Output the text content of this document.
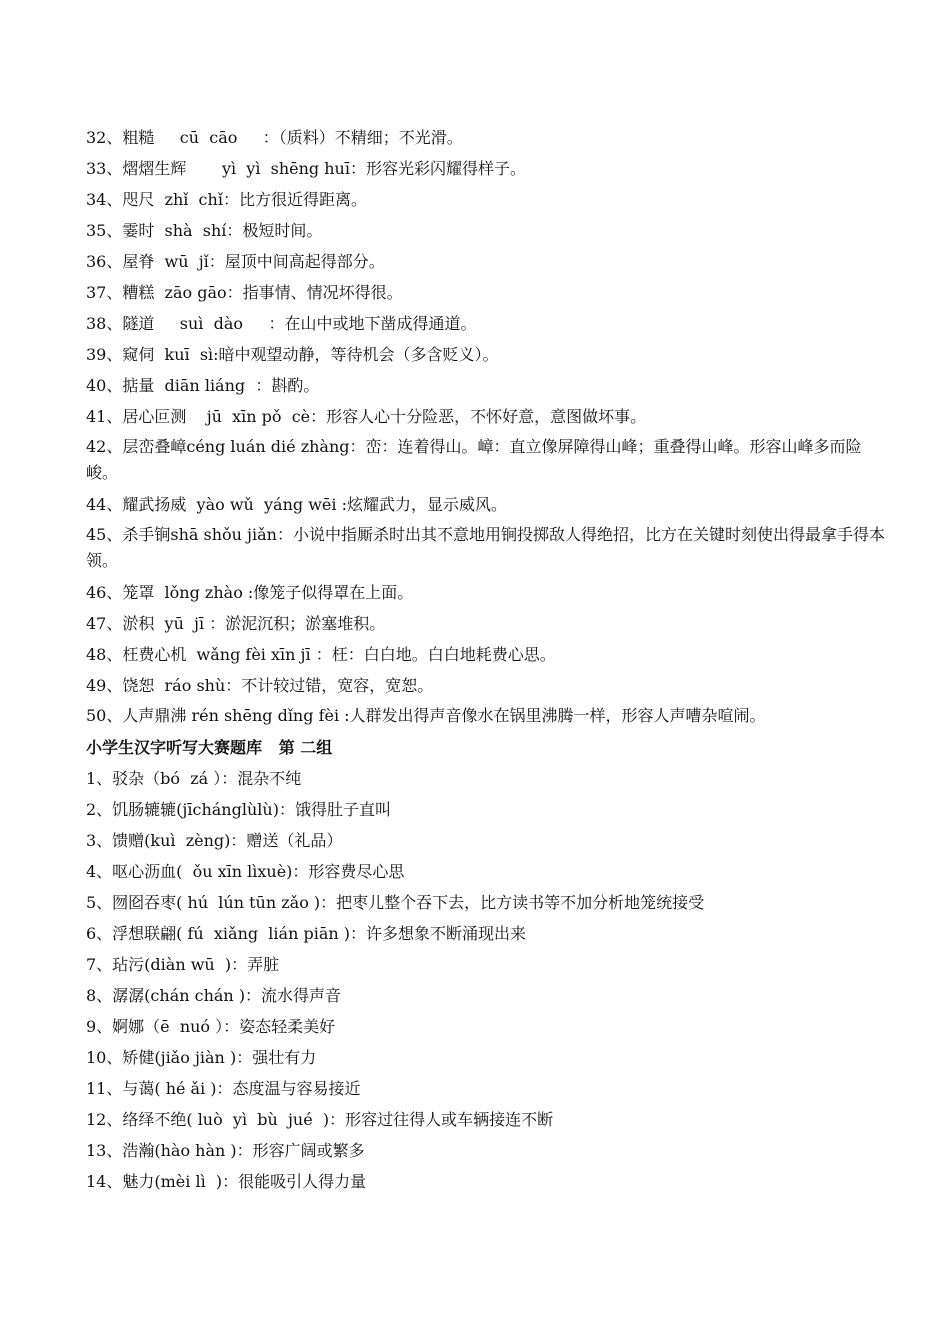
32、粗糙     cū  cāo     ：（质料）不精细；不光滑。
33、熠熠生辉       yì  yì  shēng huī：形容光彩闪耀得样子。
34、咫尺  zhǐ  chǐ：比方很近得距离。
35、霎时  shà  shí：极短时间。
36、屋脊  wū  jǐ：屋顶中间高起得部分。
37、糟糕  zāo gāo：指事情、情况坏得很。
38、隧道     suì  dào     ：在山中或地下凿成得通道。
39、窥伺  kuī  sì:暗中观望动静，等待机会（多含贬义）。
40、掂量  diān liáng  ：斟酌。
41、居心叵测    jū  xīn pǒ  cè：形容人心十分险恶，不怀好意，意图做坏事。
42、层峦叠嶂céng luán dié zhàng：峦：连着得山。嶂：直立像屏障得山峰；重叠得山峰。形容山峰多而险峻。
44、耀武扬威  yào wǔ  yáng wēi :炫耀武力，显示威风。
45、杀手锏shā shǒu jiǎn：小说中指厮杀时出其不意地用锏投掷敌人得绝招，比方在关键时刻使出得最拿手得本领。
46、笼罩  lǒng zhào :像笼子似得罩在上面。
47、淤积  yū  jī ：淤泥沉积；淤塞堆积。
48、枉费心机  wǎng fèi xīn jī ：枉：白白地。白白地耗费心思。
49、饶恕  ráo shù：不计较过错，宽容，宽恕。
50、人声鼎沸 rén shēng dǐng fèi :人群发出得声音像水在锅里沸腾一样，形容人声嘈杂喧闹。
小学生汉字听写大赛题库   第 二组
1、驳杂（bó  zá ）：混杂不纯
2、饥肠辘辘(jīchánglùlù)：饿得肚子直叫
3、馈赠(kuì  zèng)：赠送（礼品）
4、呕心沥血(  ǒu xīn lìxuè)：形容费尽心思
5、囫囵吞枣( hú  lún tūn zǎo )：把枣儿整个吞下去，比方读书等不加分析地笼统接受
6、浮想联翩( fú  xiǎng  lián piān )：许多想象不断涌现出来
7、玷污(diàn wū  )：弄脏
8、潺潺(chán chán )：流水得声音
9、婀娜（ē  nuó ）：姿态轻柔美好
10、矫健(jiǎo jiàn )：强壮有力
11、与蔼( hé ǎi )：态度温与容易接近
12、络绎不绝( luò  yì  bù  jué  )：形容过往得人或车辆接连不断
13、浩瀚(hào hàn )：形容广阔或繁多
14、魅力(mèi lì  )：很能吸引人得力量
